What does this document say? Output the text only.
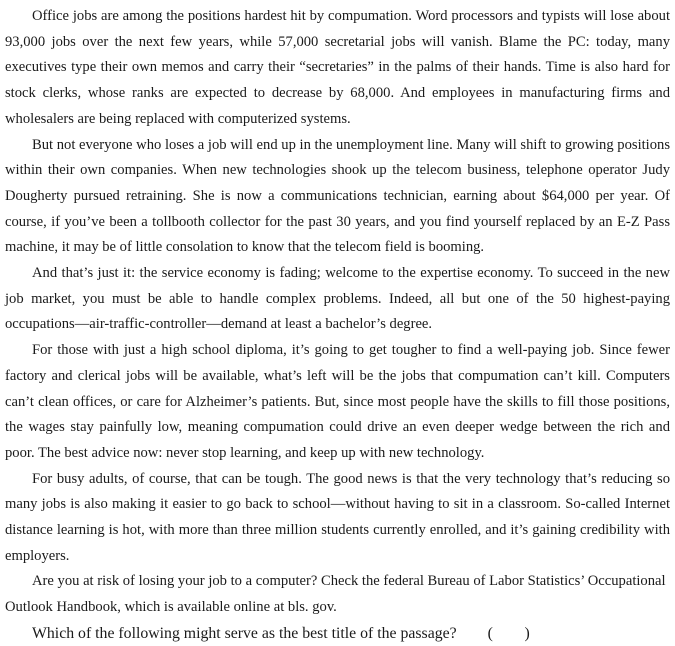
Office jobs are among the positions hardest hit by compumation. Word processors and typists will lose about 93,000 jobs over the next few years, while 57,000 secretarial jobs will vanish. Blame the PC: today, many executives type their own memos and carry their “secretaries” in the palms of their hands. Time is also hard for stock clerks, whose ranks are expected to decrease by 68,000. And employees in manufacturing firms and wholesalers are being replaced with computerized systems.

But not everyone who loses a job will end up in the unemployment line. Many will shift to growing positions within their own companies. When new technologies shook up the telecom business, telephone operator Judy Dougherty pursued retraining. She is now a communications technician, earning about $64,000 per year. Of course, if you’ve been a tollbooth collector for the past 30 years, and you find yourself replaced by an E-Z Pass machine, it may be of little consolation to know that the telecom field is booming.

And that’s just it: the service economy is fading; welcome to the expertise economy. To succeed in the new job market, you must be able to handle complex problems. Indeed, all but one of the 50 highest-paying occupations—air-traffic-controller—demand at least a bachelor’s degree.

For those with just a high school diploma, it’s going to get tougher to find a well-paying job. Since fewer factory and clerical jobs will be available, what’s left will be the jobs that compumation can’t kill. Computers can’t clean offices, or care for Alzheimer’s patients. But, since most people have the skills to fill those positions, the wages stay painfully low, meaning compumation could drive an even deeper wedge between the rich and poor. The best advice now: never stop learning, and keep up with new technology.

For busy adults, of course, that can be tough. The good news is that the very technology that’s reducing so many jobs is also making it easier to go back to school—without having to sit in a classroom. So-called Internet distance learning is hot, with more than three million students currently enrolled, and it’s gaining credibility with employers.

Are you at risk of losing your job to a computer? Check the federal Bureau of Labor Statistics’ Occupational Outlook Handbook, which is available online at bls. gov.

Which of the following might serve as the best title of the passage? (  )
